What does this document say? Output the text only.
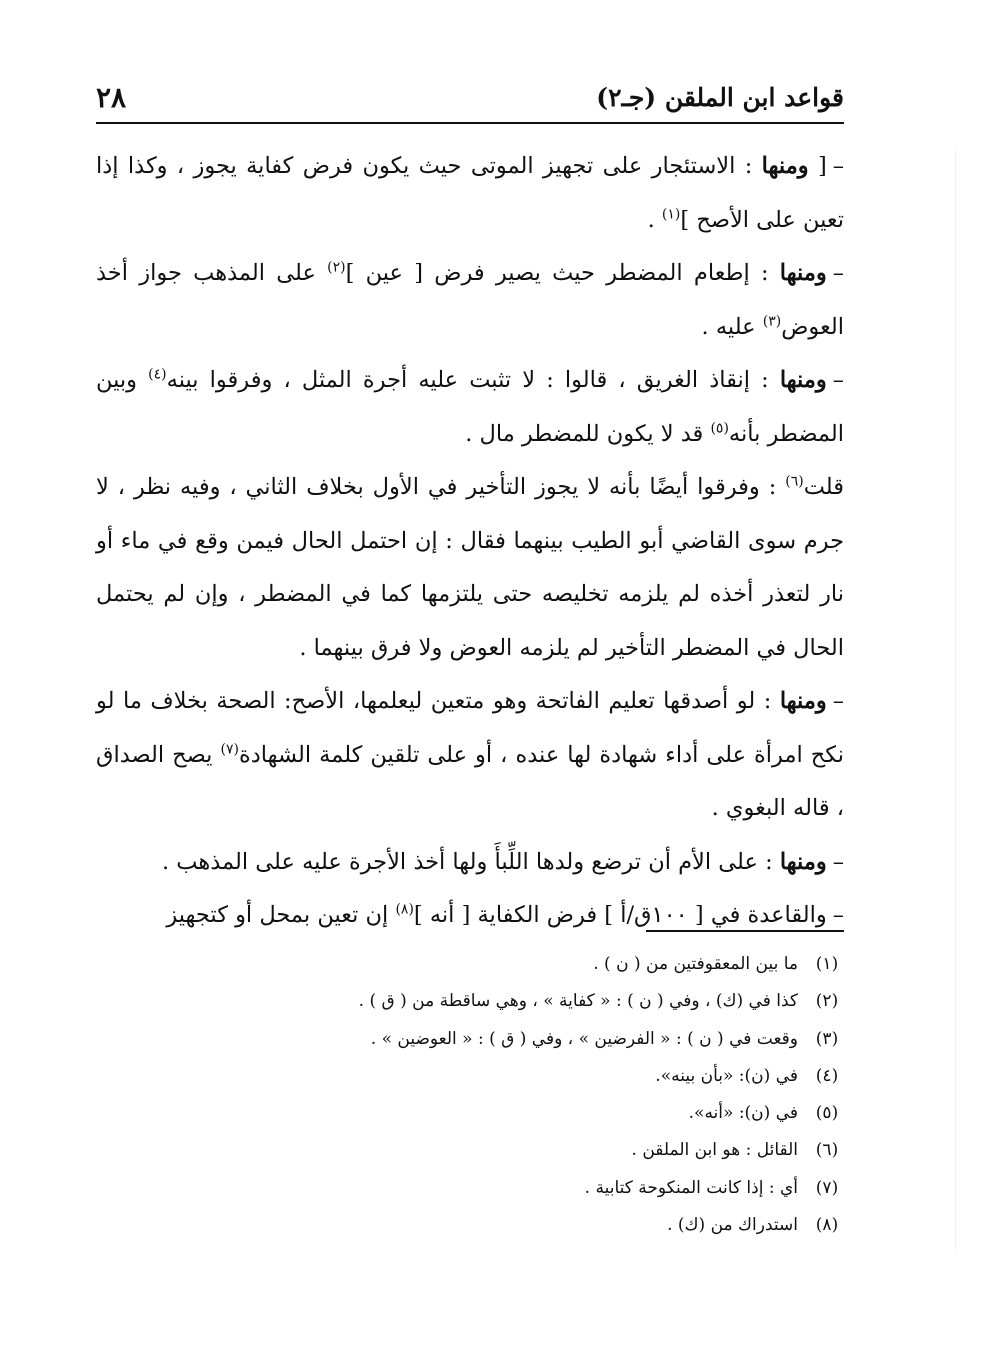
قواعد ابن الملقن (جـ٢)
٢٨

–[ ومنها : الاستئجار على تجهيز الموتى حيث يكون فرض كفاية يجوز ، وكذا إذا تعين على الأصح ]$^{(١)}$ .

–ومنها : إطعام المضطر حيث يصير فرض [ عين ]$^{(٢)}$ على المذهب جواز أخذ العوض$^{(٣)}$ عليه .

–ومنها : إنقاذ الغريق ، قالوا : لا تثبت عليه أجرة المثل ، وفرقوا بينه$^{(٤)}$ وبين المضطر بأنه$^{(٥)}$ قد لا يكون للمضطر مال .

قلت$^{(٦)}$ : وفرقوا أيضًا بأنه لا يجوز التأخير في الأول بخلاف الثاني ، وفيه نظر ، لا جرم سوى القاضي أبو الطيب بينهما فقال : إن احتمل الحال فيمن وقع في ماء أو نار لتعذر أخذه لم يلزمه تخليصه حتى يلتزمها كما في المضطر ، وإن لم يحتمل الحال في المضطر التأخير لم يلزمه العوض ولا فرق بينهما .

–ومنها : لو أصدقها تعليم الفاتحة وهو متعين ليعلمها، الأصح: الصحة بخلاف ما لو نكح امرأة على أداء شهادة لها عنده ، أو على تلقين كلمة الشهادة$^{(٧)}$ يصح الصداق ، قاله البغوي .

–ومنها : على الأم أن ترضع ولدها اللِّبأَ ولها أخذ الأجرة عليه على المذهب .

–والقاعدة في [ ١٠٠ق/أ ] فرض الكفاية [ أنه ]$^{(٨)}$ إن تعين بمحل أو كتجهيز

(١)
ما بين المعقوفتين من ( ن ) .
(٢)
كذا في (ك) ، وفي ( ن ) : « كفاية » ، وهي ساقطة من ( ق ) .
(٣)
وقعت في ( ن ) : « الفرضين » ، وفي ( ق ) : « العوضين » .
(٤)
في (ن): «بأن بينه».
(٥)
في (ن): «أنه».
(٦)
القائل : هو ابن الملقن .
(٧)
أي : إذا كانت المنكوحة كتابية .
(٨)
استدراك من (ك) .
